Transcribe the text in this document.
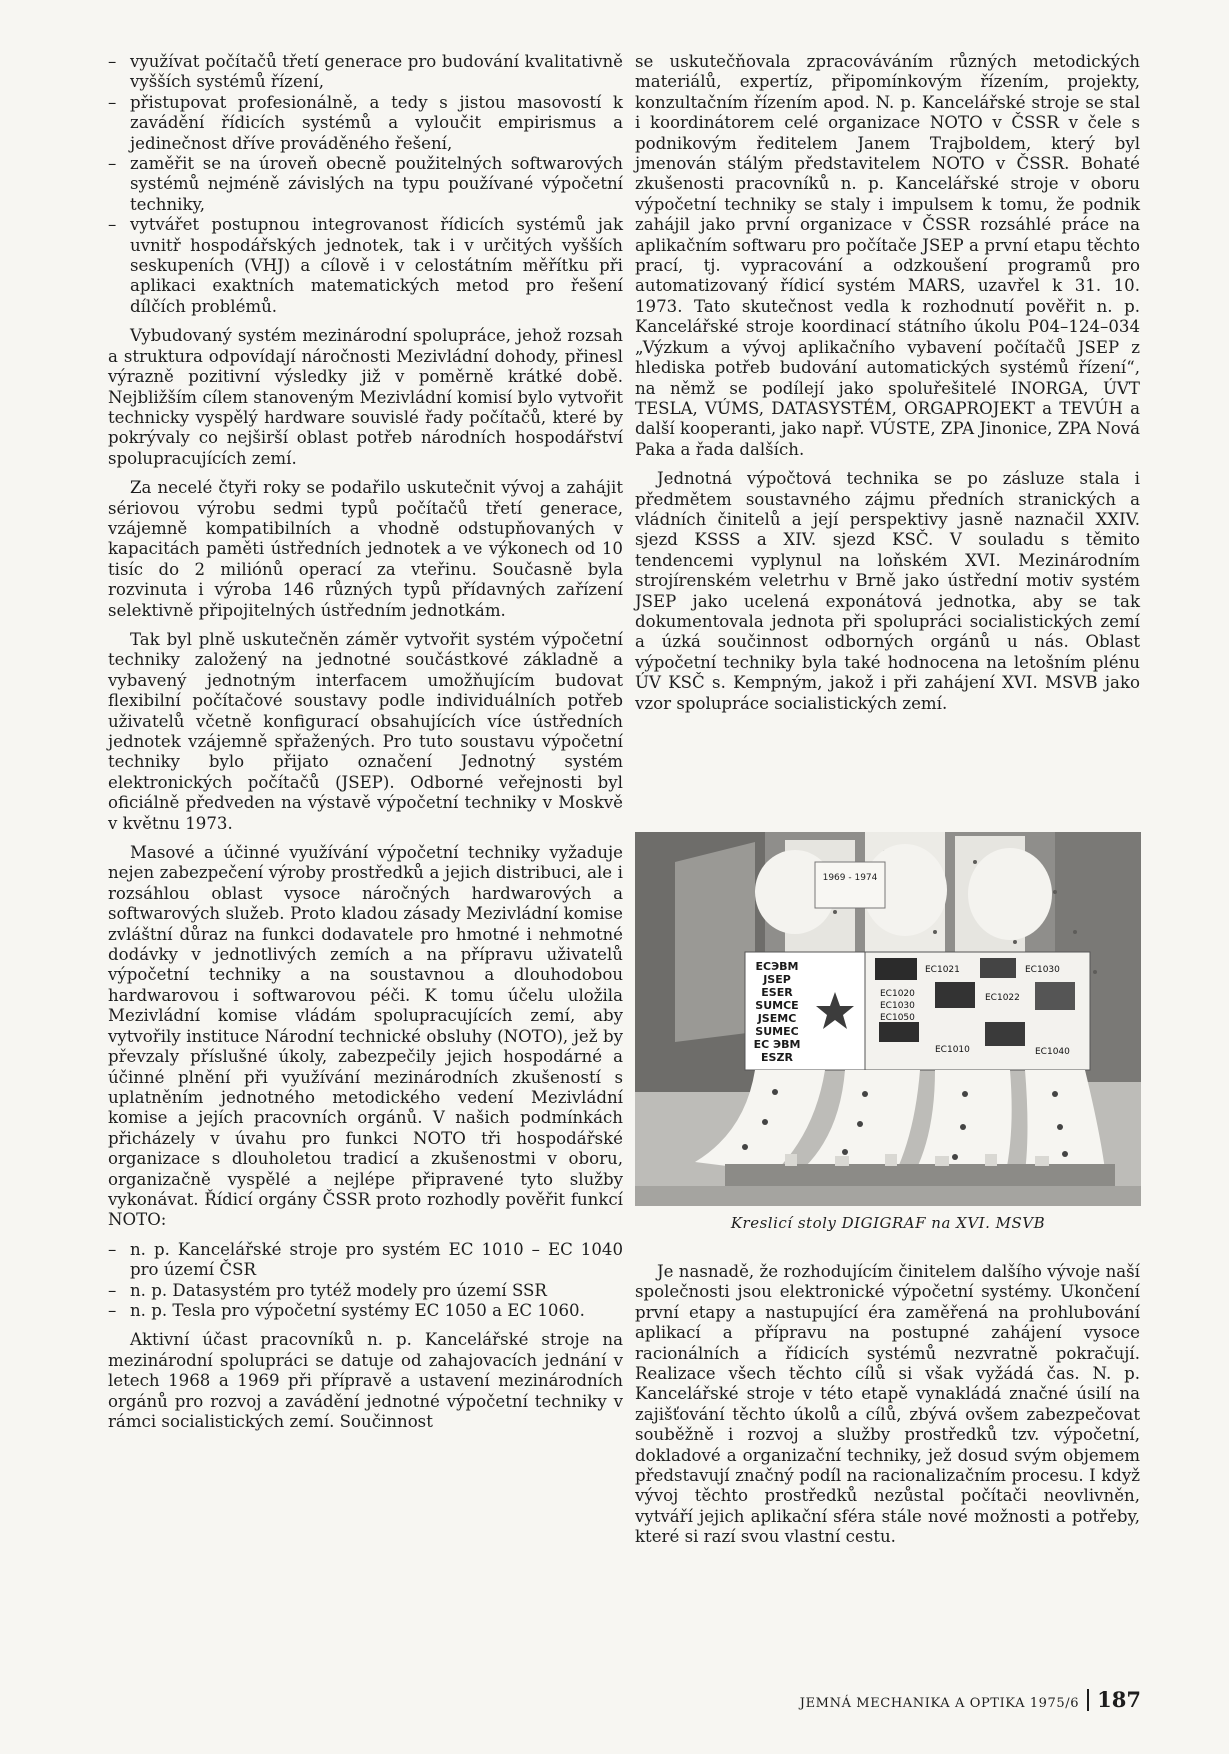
– využívat počítačů třetí generace pro budování kvalitativně vyšších systémů řízení,
– přistupovat profesionálně, a tedy s jistou masovostí k zavádění řídicích systémů a vyloučit empirismus a jedinečnost dříve prováděného řešení,
– zaměřit se na úroveň obecně použitelných softwarových systémů nejméně závislých na typu používané výpočetní techniky,
– vytvářet postupnou integrovanost řídicích systémů jak uvnitř hospodářských jednotek, tak i v určitých vyšších seskupeních (VHJ) a cílově i v celostátním měřítku při aplikaci exaktních matematických metod pro řešení dílčích problémů.

Vybudovaný systém mezinárodní spolupráce, jehož rozsah a struktura odpovídají náročnosti Mezivládní dohody, přinesl výrazně pozitivní výsledky již v poměrně krátké době. Nejbližším cílem stanoveným Mezivládní komisí bylo vytvořit technicky vyspělý hardware souvislé řady počítačů, které by pokrývaly co nejširší oblast potřeb národních hospodářství spolupracujících zemí.

Za necelé čtyři roky se podařilo uskutečnit vývoj a zahájit sériovou výrobu sedmi typů počítačů třetí generace, vzájemně kompatibilních a vhodně odstupňovaných v kapacitách paměti ústředních jednotek a ve výkonech od 10 tisíc do 2 miliónů operací za vteřinu. Současně byla rozvinuta i výroba 146 různých typů přídavných zařízení selektivně připojitelných ústředním jednotkám.

Tak byl plně uskutečněn záměr vytvořit systém výpočetní techniky založený na jednotné součástkové základně a vybavený jednotným interfacem umožňujícím budovat flexibilní počítačové soustavy podle individuálních potřeb uživatelů včetně konfigurací obsahujících více ústředních jednotek vzájemně spřažených. Pro tuto soustavu výpočetní techniky bylo přijato označení Jednotný systém elektronických počítačů (JSEP). Odborné veřejnosti byl oficiálně předveden na výstavě výpočetní techniky v Moskvě v květnu 1973.

Masové a účinné využívání výpočetní techniky vyžaduje nejen zabezpečení výroby prostředků a jejich distribuci, ale i rozsáhlou oblast vysoce náročných hardwarových a softwarových služeb. Proto kladou zásady Mezivládní komise zvláštní důraz na funkci dodavatele pro hmotné i nehmotné dodávky v jednotlivých zemích a na přípravu uživatelů výpočetní techniky a na soustavnou a dlouhodobou hardwarovou i softwarovou péči. K tomu účelu uložila Mezivládní komise vládám spolupracujících zemí, aby vytvořily instituce Národní technické obsluhy (NOTO), jež by převzaly příslušné úkoly, zabezpečily jejich hospodárné a účinné plnění při využívání mezinárodních zkušeností s uplatněním jednotného metodického vedení Mezivládní komise a jejích pracovních orgánů. V našich podmínkách přicházely v úvahu pro funkci NOTO tři hospodářské organizace s dlouholetou tradicí a zkušenostmi v oboru, organizačně vyspělé a nejlépe připravené tyto služby vykonávat. Řídicí orgány ČSSR proto rozhodly pověřit funkcí NOTO:

– n. p. Kancelářské stroje pro systém EC 1010 – EC 1040 pro území ČSR
– n. p. Datasystém pro tytéž modely pro území SSR
– n. p. Tesla pro výpočetní systémy EC 1050 a EC 1060.

Aktivní účast pracovníků n. p. Kancelářské stroje na mezinárodní spolupráci se datuje od zahajovacích jednání v letech 1968 a 1969 při přípravě a ustavení mezinárodních orgánů pro rozvoj a zavádění jednotné výpočetní techniky v rámci socialistických zemí. Součinnost

se uskutečňovala zpracováváním různých metodických materiálů, expertíz, připomínkovým řízením, projekty, konzultačním řízením apod. N. p. Kancelářské stroje se stal i koordinátorem celé organizace NOTO v ČSSR v čele s podnikovým ředitelem Janem Trajboldem, který byl jmenován stálým představitelem NOTO v ČSSR. Bohaté zkušenosti pracovníků n. p. Kancelářské stroje v oboru výpočetní techniky se staly i impulsem k tomu, že podnik zahájil jako první organizace v ČSSR rozsáhlé práce na aplikačním softwaru pro počítače JSEP a první etapu těchto prací, tj. vypracování a odzkoušení programů pro automatizovaný řídicí systém MARS, uzavřel k 31. 10. 1973. Tato skutečnost vedla k rozhodnutí pověřit n. p. Kancelářské stroje koordinací státního úkolu P04–124–034 „Výzkum a vývoj aplikačního vybavení počítačů JSEP z hlediska potřeb budování automatických systémů řízení“, na němž se podílejí jako spoluřešitelé INORGA, ÚVT TESLA, VÚMS, DATASYSTÉM, ORGAPROJEKT a TEVÚH a další kooperanti, jako např. VÚSTE, ZPA Jinonice, ZPA Nová Paka a řada dalších.

Jednotná výpočtová technika se po zásluze stala i předmětem soustavného zájmu předních stranických a vládních činitelů a její perspektivy jasně naznačil XXIV. sjezd KSSS a XIV. sjezd KSČ. V souladu s těmito tendencemi vyplynul na loňském XVI. Mezinárodním strojírenském veletrhu v Brně jako ústřední motiv systém JSEP jako ucelená exponátová jednotka, aby se tak dokumentovala jednota při spolupráci socialistických zemí a úzká součinnost odborných orgánů u nás. Oblast výpočetní techniky byla také hodnocena na letošním plénu ÚV KSČ s. Kempným, jakož i při zahájení XVI. MSVB jako vzor spolupráce socialistických zemí.

1969 - 1974
ЕСЭВМ
JSEP
ESER
SUMCE
JSEMC
SUMEC
EC ЭВМ
ESZR
EC1021	EC1030
EC1020
EC1030
EC1050
EC1022
EC1010	EC1040
Kreslicí stoly DIGIGRAF na XVI. MSVB

Je nasnadě, že rozhodujícím činitelem dalšího vývoje naší společnosti jsou elektronické výpočetní systémy. Ukončení první etapy a nastupující éra zaměřená na prohlubování aplikací a přípravu na postupné zahájení vysoce racionálních a řídicích systémů nezvratně pokračují. Realizace všech těchto cílů si však vyžádá čas. N. p. Kancelářské stroje v této etapě vynakládá značné úsilí na zajišťování těchto úkolů a cílů, zbývá ovšem zabezpečovat souběžně i rozvoj a služby prostředků tzv. výpočetní, dokladové a organizační techniky, jež dosud svým objemem představují značný podíl na racionalizačním procesu. I když vývoj těchto prostředků nezůstal počítači neovlivněn, vytváří jejich aplikační sféra stále nové možnosti a potřeby, které si razí svou vlastní cestu.

JEMNÁ MECHANIKA A OPTIKA 1975/6 187
